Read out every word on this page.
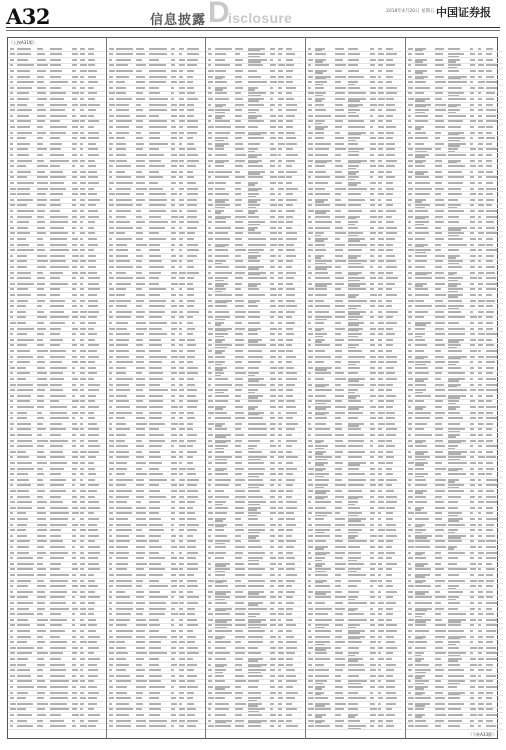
A32	信息披露 D
isclosure	2018年4月20日 星期五 中国证券报
（上接A31版）
（下转A33版）
